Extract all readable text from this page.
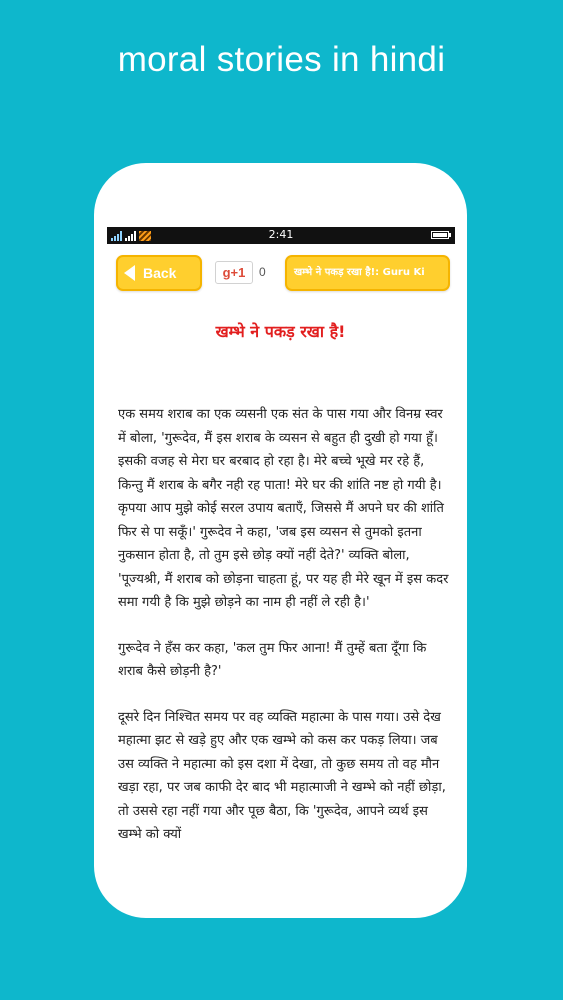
moral stories in hindi
2:41
Back	g+1	0	खम्भे ने पकड़ रखा है!: Guru Ki
खम्भे ने पकड़ रखा है!

एक समय शराब का एक व्यसनी एक संत के पास गया और विनम्र स्वर में बोला, 'गुरूदेव, मैं इस शराब के व्यसन से बहुत ही दुखी हो गया हूँ। इसकी वजह से मेरा घर बरबाद हो रहा है। मेरे बच्चे भूखे मर रहे हैं, किन्तु मैं शराब के बगैर नही रह पाता! मेरे घर की शांति नष्ट हो गयी है। कृपया आप मुझे कोई सरल उपाय बताएँ, जिससे मैं अपने घर की शांति फिर से पा सकूँ।' गुरूदेव ने कहा, 'जब इस व्यसन से तुमको इतना नुकसान होता है, तो तुम इसे छोड़ क्यों नहीं देते?' व्यक्ति बोला, 'पूज्यश्री, मैं शराब को छोड़ना चाहता हूं, पर यह ही मेरे खून में इस कदर समा गयी है कि मुझे छोड़ने का नाम ही नहीं ले रही है।'

गुरूदेव ने हँस कर कहा, 'कल तुम फिर आना! मैं तुम्हें बता दूँगा कि शराब कैसे छोड़नी है?'

दूसरे दिन निश्चित समय पर वह व्यक्ति महात्मा के पास गया। उसे देख महात्मा झट से खड़े हुए और एक खम्भे को कस कर पकड़ लिया। जब उस व्यक्ति ने महात्मा को इस दशा में देखा, तो कुछ समय तो वह मौन खड़ा रहा, पर जब काफी देर बाद भी महात्माजी ने खम्भे को नहीं छोड़ा, तो उससे रहा नहीं गया और पूछ बैठा, कि 'गुरूदेव, आपने व्यर्थ इस खम्भे को क्यों
